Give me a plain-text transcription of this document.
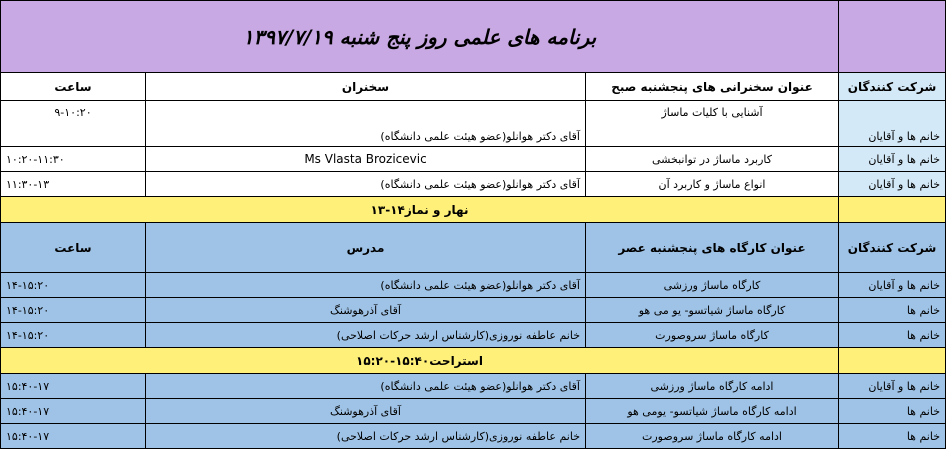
	برنامه های علمی روز پنج شنبه ۱۳۹۷/۷/۱۹		
شرکت کنندگان	عنوان سخنرانی های پنجشنبه صبح	سخنران	ساعت
خانم ها و آقایان	آشنایی با کلیات ماساژ	آقای دکتر هوانلو(عضو هیئت علمی دانشگاه)	۹-۱۰:۲۰
خانم ها و آقایان	کاربرد ماساژ در توانبخشی	Ms Vlasta Brozicevic	۱۰:۲۰-۱۱:۳۰
خانم ها و آقایان	انواع ماساژ و کاربرد آن	آقای دکتر هوانلو(عضو هیئت علمی دانشگاه)	۱۱:۳۰-۱۳
	نهار و نماز۱۴-۱۳		
شرکت کنندگان	عنوان کارگاه های پنجشنبه عصر	مدرس	ساعت
خانم ها و آقایان	کارگاه ماساژ ورزشی	آقای دکتر هوانلو(عضو هیئت علمی دانشگاه)	۱۴-۱۵:۲۰
خانم ها	کارگاه ماساژ شیاتسو- یو می هو	آقای آذرهوشنگ	۱۴-۱۵:۲۰
خانم ها	کارگاه ماساژ سروصورت	خانم عاطفه نوروزی(کارشناس ارشد حرکات اصلاحی)	۱۴-۱۵:۲۰
	استراحت۱۵:۴۰-۱۵:۲۰		
خانم ها و آقایان	ادامه کارگاه ماساژ ورزشی	آقای دکتر هوانلو(عضو هیئت علمی دانشگاه)	۱۵:۴۰-۱۷
خانم ها	ادامه کارگاه ماساژ شیاتسو- یومی هو	آقای آذرهوشنگ	۱۵:۴۰-۱۷
خانم ها	ادامه کارگاه ماساژ سروصورت	خانم عاطفه نوروزی(کارشناس ارشد حرکات اصلاحی)	۱۵:۴۰-۱۷
